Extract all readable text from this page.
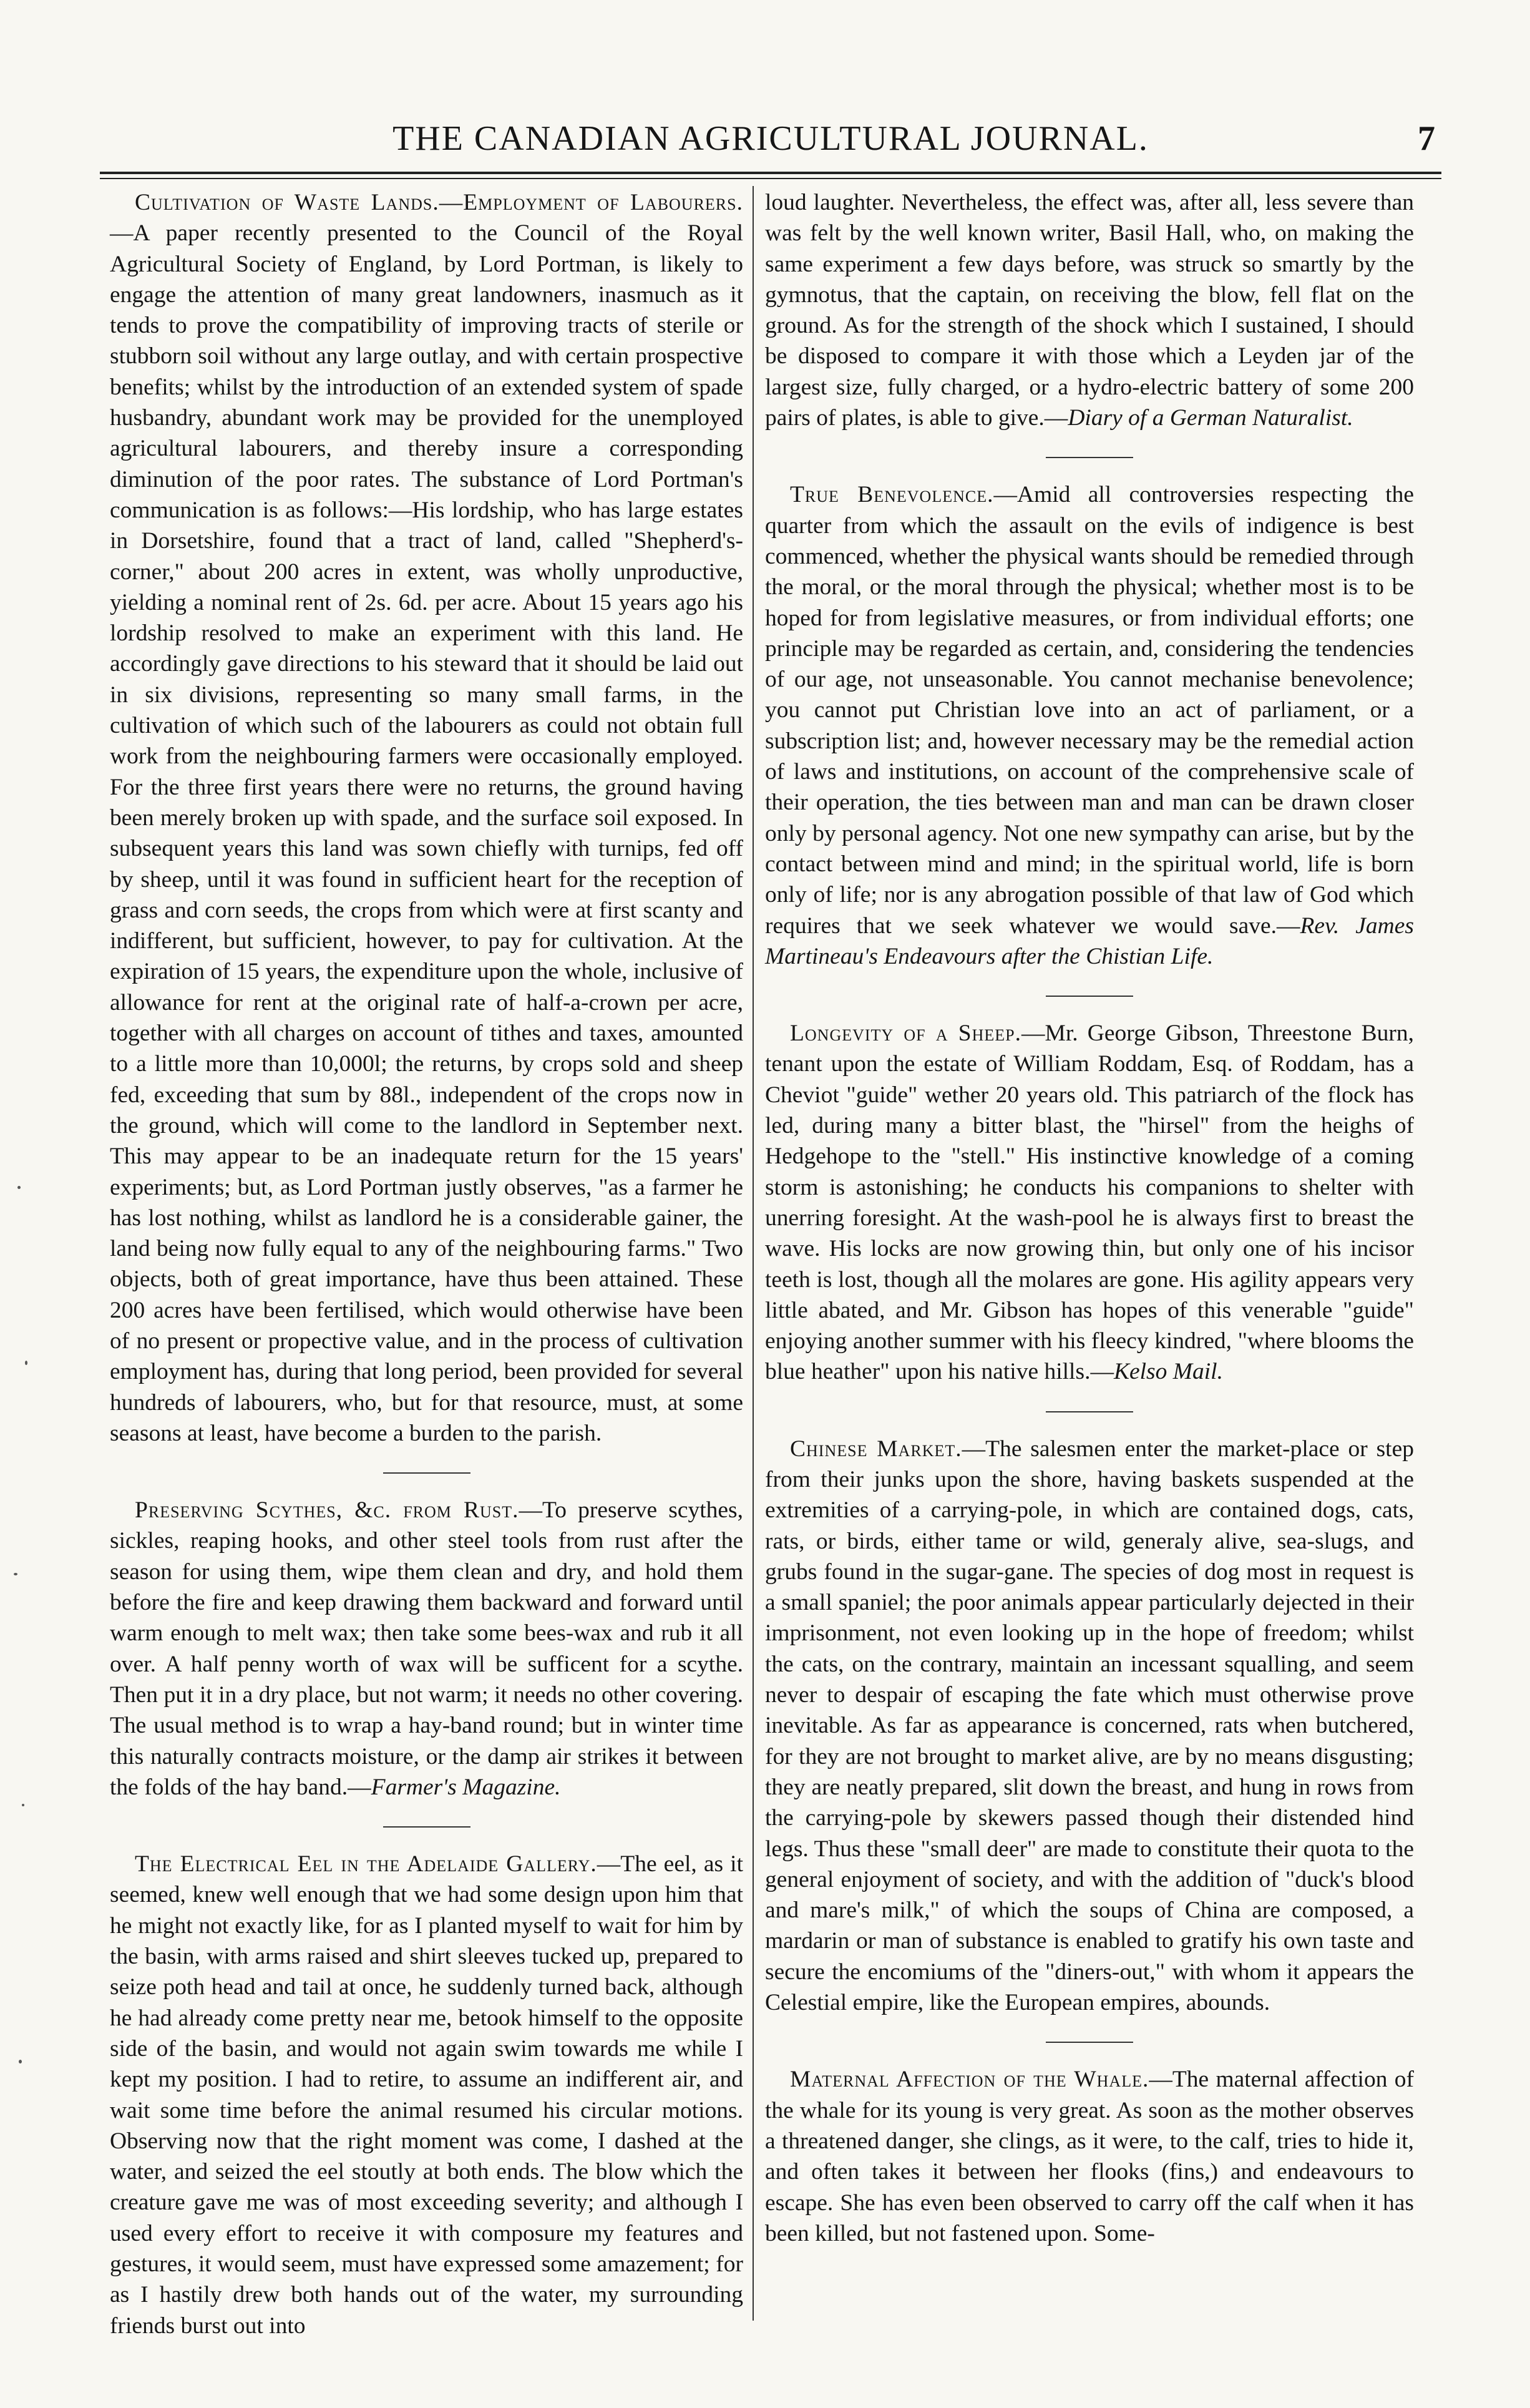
THE CANADIAN AGRICULTURAL JOURNAL.	7

Cultivation of Waste Lands.—Employment of Labourers.—A paper recently presented to the Council of the Royal Agricultural Society of England, by Lord Portman, is likely to engage the attention of many great landowners, inasmuch as it tends to prove the compatibility of improving tracts of sterile or stubborn soil without any large outlay, and with certain prospective benefits; whilst by the introduction of an extended system of spade husbandry, abundant work may be provided for the unemployed agricultural labourers, and thereby insure a corresponding diminution of the poor rates. The substance of Lord Portman's communication is as follows:—His lordship, who has large estates in Dorsetshire, found that a tract of land, called "Shepherd's-corner," about 200 acres in extent, was wholly unproductive, yielding a nominal rent of 2s. 6d. per acre. About 15 years ago his lordship resolved to make an experiment with this land. He accordingly gave directions to his steward that it should be laid out in six divisions, representing so many small farms, in the cultivation of which such of the labourers as could not obtain full work from the neighbouring farmers were occasionally employed. For the three first years there were no returns, the ground having been merely broken up with spade, and the surface soil exposed. In subsequent years this land was sown chiefly with turnips, fed off by sheep, until it was found in sufficient heart for the reception of grass and corn seeds, the crops from which were at first scanty and indifferent, but sufficient, however, to pay for cultivation. At the expiration of 15 years, the expenditure upon the whole, inclusive of allowance for rent at the original rate of half-a-crown per acre, together with all charges on account of tithes and taxes, amounted to a little more than 10,000l; the returns, by crops sold and sheep fed, exceeding that sum by 88l., independent of the crops now in the ground, which will come to the landlord in September next. This may appear to be an inadequate return for the 15 years' experiments; but, as Lord Portman justly observes, "as a farmer he has lost nothing, whilst as landlord he is a considerable gainer, the land being now fully equal to any of the neighbouring farms." Two objects, both of great importance, have thus been attained. These 200 acres have been fertilised, which would otherwise have been of no present or propective value, and in the process of cultivation employment has, during that long period, been provided for several hundreds of labourers, who, but for that resource, must, at some seasons at least, have become a burden to the parish.

Preserving Scythes, &c. from Rust.—To preserve scythes, sickles, reaping hooks, and other steel tools from rust after the season for using them, wipe them clean and dry, and hold them before the fire and keep drawing them backward and forward until warm enough to melt wax; then take some bees-wax and rub it all over. A half penny worth of wax will be sufficent for a scythe. Then put it in a dry place, but not warm; it needs no other covering. The usual method is to wrap a hay-band round; but in winter time this naturally contracts moisture, or the damp air strikes it between the folds of the hay band.—Farmer's Magazine.

The Electrical Eel in the Adelaide Gallery.—The eel, as it seemed, knew well enough that we had some design upon him that he might not exactly like, for as I planted myself to wait for him by the basin, with arms raised and shirt sleeves tucked up, prepared to seize poth head and tail at once, he suddenly turned back, although he had already come pretty near me, betook himself to the opposite side of the basin, and would not again swim towards me while I kept my position. I had to retire, to assume an indifferent air, and wait some time before the animal resumed his circular motions. Observing now that the right moment was come, I dashed at the water, and seized the eel stoutly at both ends. The blow which the creature gave me was of most exceeding severity; and although I used every effort to receive it with composure my features and gestures, it would seem, must have expressed some amazement; for as I hastily drew both hands out of the water, my surrounding friends burst out into

loud laughter. Nevertheless, the effect was, after all, less severe than was felt by the well known writer, Basil Hall, who, on making the same experiment a few days before, was struck so smartly by the gymnotus, that the captain, on receiving the blow, fell flat on the ground. As for the strength of the shock which I sustained, I should be disposed to compare it with those which a Leyden jar of the largest size, fully charged, or a hydro-electric battery of some 200 pairs of plates, is able to give.—Diary of a German Naturalist.

True Benevolence.—Amid all controversies respecting the quarter from which the assault on the evils of indigence is best commenced, whether the physical wants should be remedied through the moral, or the moral through the physical; whether most is to be hoped for from legislative measures, or from individual efforts; one principle may be regarded as certain, and, considering the tendencies of our age, not unseasonable. You cannot mechanise benevolence; you cannot put Christian love into an act of parliament, or a subscription list; and, however necessary may be the remedial action of laws and institutions, on account of the comprehensive scale of their operation, the ties between man and man can be drawn closer only by personal agency. Not one new sympathy can arise, but by the contact between mind and mind; in the spiritual world, life is born only of life; nor is any abrogation possible of that law of God which requires that we seek whatever we would save.—Rev. James Martineau's Endeavours after the Chistian Life.

Longevity of a Sheep.—Mr. George Gibson, Threestone Burn, tenant upon the estate of William Roddam, Esq. of Roddam, has a Cheviot "guide" wether 20 years old. This patriarch of the flock has led, during many a bitter blast, the "hirsel" from the heighs of Hedgehope to the "stell." His instinctive knowledge of a coming storm is astonishing; he conducts his companions to shelter with unerring foresight. At the wash-pool he is always first to breast the wave. His locks are now growing thin, but only one of his incisor teeth is lost, though all the molares are gone. His agility appears very little abated, and Mr. Gibson has hopes of this venerable "guide" enjoying another summer with his fleecy kindred, "where blooms the blue heather" upon his native hills.—Kelso Mail.

Chinese Market.—The salesmen enter the market-place or step from their junks upon the shore, having baskets suspended at the extremities of a carrying-pole, in which are contained dogs, cats, rats, or birds, either tame or wild, generaly alive, sea-slugs, and grubs found in the sugar-gane. The species of dog most in request is a small spaniel; the poor animals appear particularly dejected in their imprisonment, not even looking up in the hope of freedom; whilst the cats, on the contrary, maintain an incessant squalling, and seem never to despair of escaping the fate which must otherwise prove inevitable. As far as appearance is concerned, rats when butchered, for they are not brought to market alive, are by no means disgusting; they are neatly prepared, slit down the breast, and hung in rows from the carrying-pole by skewers passed though their distended hind legs. Thus these "small deer" are made to constitute their quota to the general enjoyment of society, and with the addition of "duck's blood and mare's milk," of which the soups of China are composed, a mardarin or man of substance is enabled to gratify his own taste and secure the encomiums of the "diners-out," with whom it appears the Celestial empire, like the European empires, abounds.

Maternal Affection of the Whale.—The maternal affection of the whale for its young is very great. As soon as the mother observes a threatened danger, she clings, as it were, to the calf, tries to hide it, and often takes it between her flooks (fins,) and endeavours to escape. She has even been observed to carry off the calf when it has been killed, but not fastened upon. Some-
